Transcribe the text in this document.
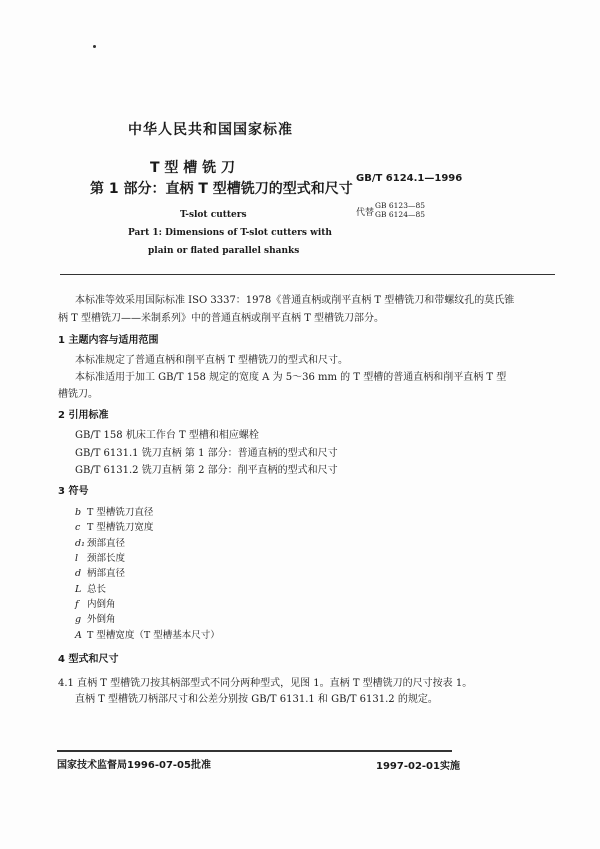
中华人民共和国国家标准
T 型 槽 铣 刀
第 1 部分：直柄 T 型槽铣刀的型式和尺寸
T-slot cutters
Part 1: Dimensions of T-slot cutters with
plain or flated parallel shanks
GB/T 6124.1—1996
代替
GB 6123—85
GB 6124—85
本标准等效采用国际标准 ISO 3337：1978《普通直柄或削平直柄 T 型槽铣刀和带螺纹孔的莫氏锥
柄 T 型槽铣刀——米制系列》中的普通直柄或削平直柄 T 型槽铣刀部分。
1 主题内容与适用范围
本标准规定了普通直柄和削平直柄 T 型槽铣刀的型式和尺寸。
本标准适用于加工 GB/T 158 规定的宽度 A 为 5～36 mm 的 T 型槽的普通直柄和削平直柄 T 型
槽铣刀。
2 引用标准
GB/T 158 机床工作台 T 型槽和相应螺栓
GB/T 6131.1 铣刀直柄 第 1 部分：普通直柄的型式和尺寸
GB/T 6131.2 铣刀直柄 第 2 部分：削平直柄的型式和尺寸
3 符号
b T 型槽铣刀直径
c T 型槽铣刀宽度
d₁ 颈部直径
l 颈部长度
d 柄部直径
L 总长
f 内倒角
g 外倒角
A T 型槽宽度（T 型槽基本尺寸）
4 型式和尺寸
4.1 直柄 T 型槽铣刀按其柄部型式不同分两种型式，见图 1。直柄 T 型槽铣刀的尺寸按表 1。
直柄 T 型槽铣刀柄部尺寸和公差分别按 GB/T 6131.1 和 GB/T 6131.2 的规定。
国家技术监督局1996-07-05批准	1997-02-01实施
